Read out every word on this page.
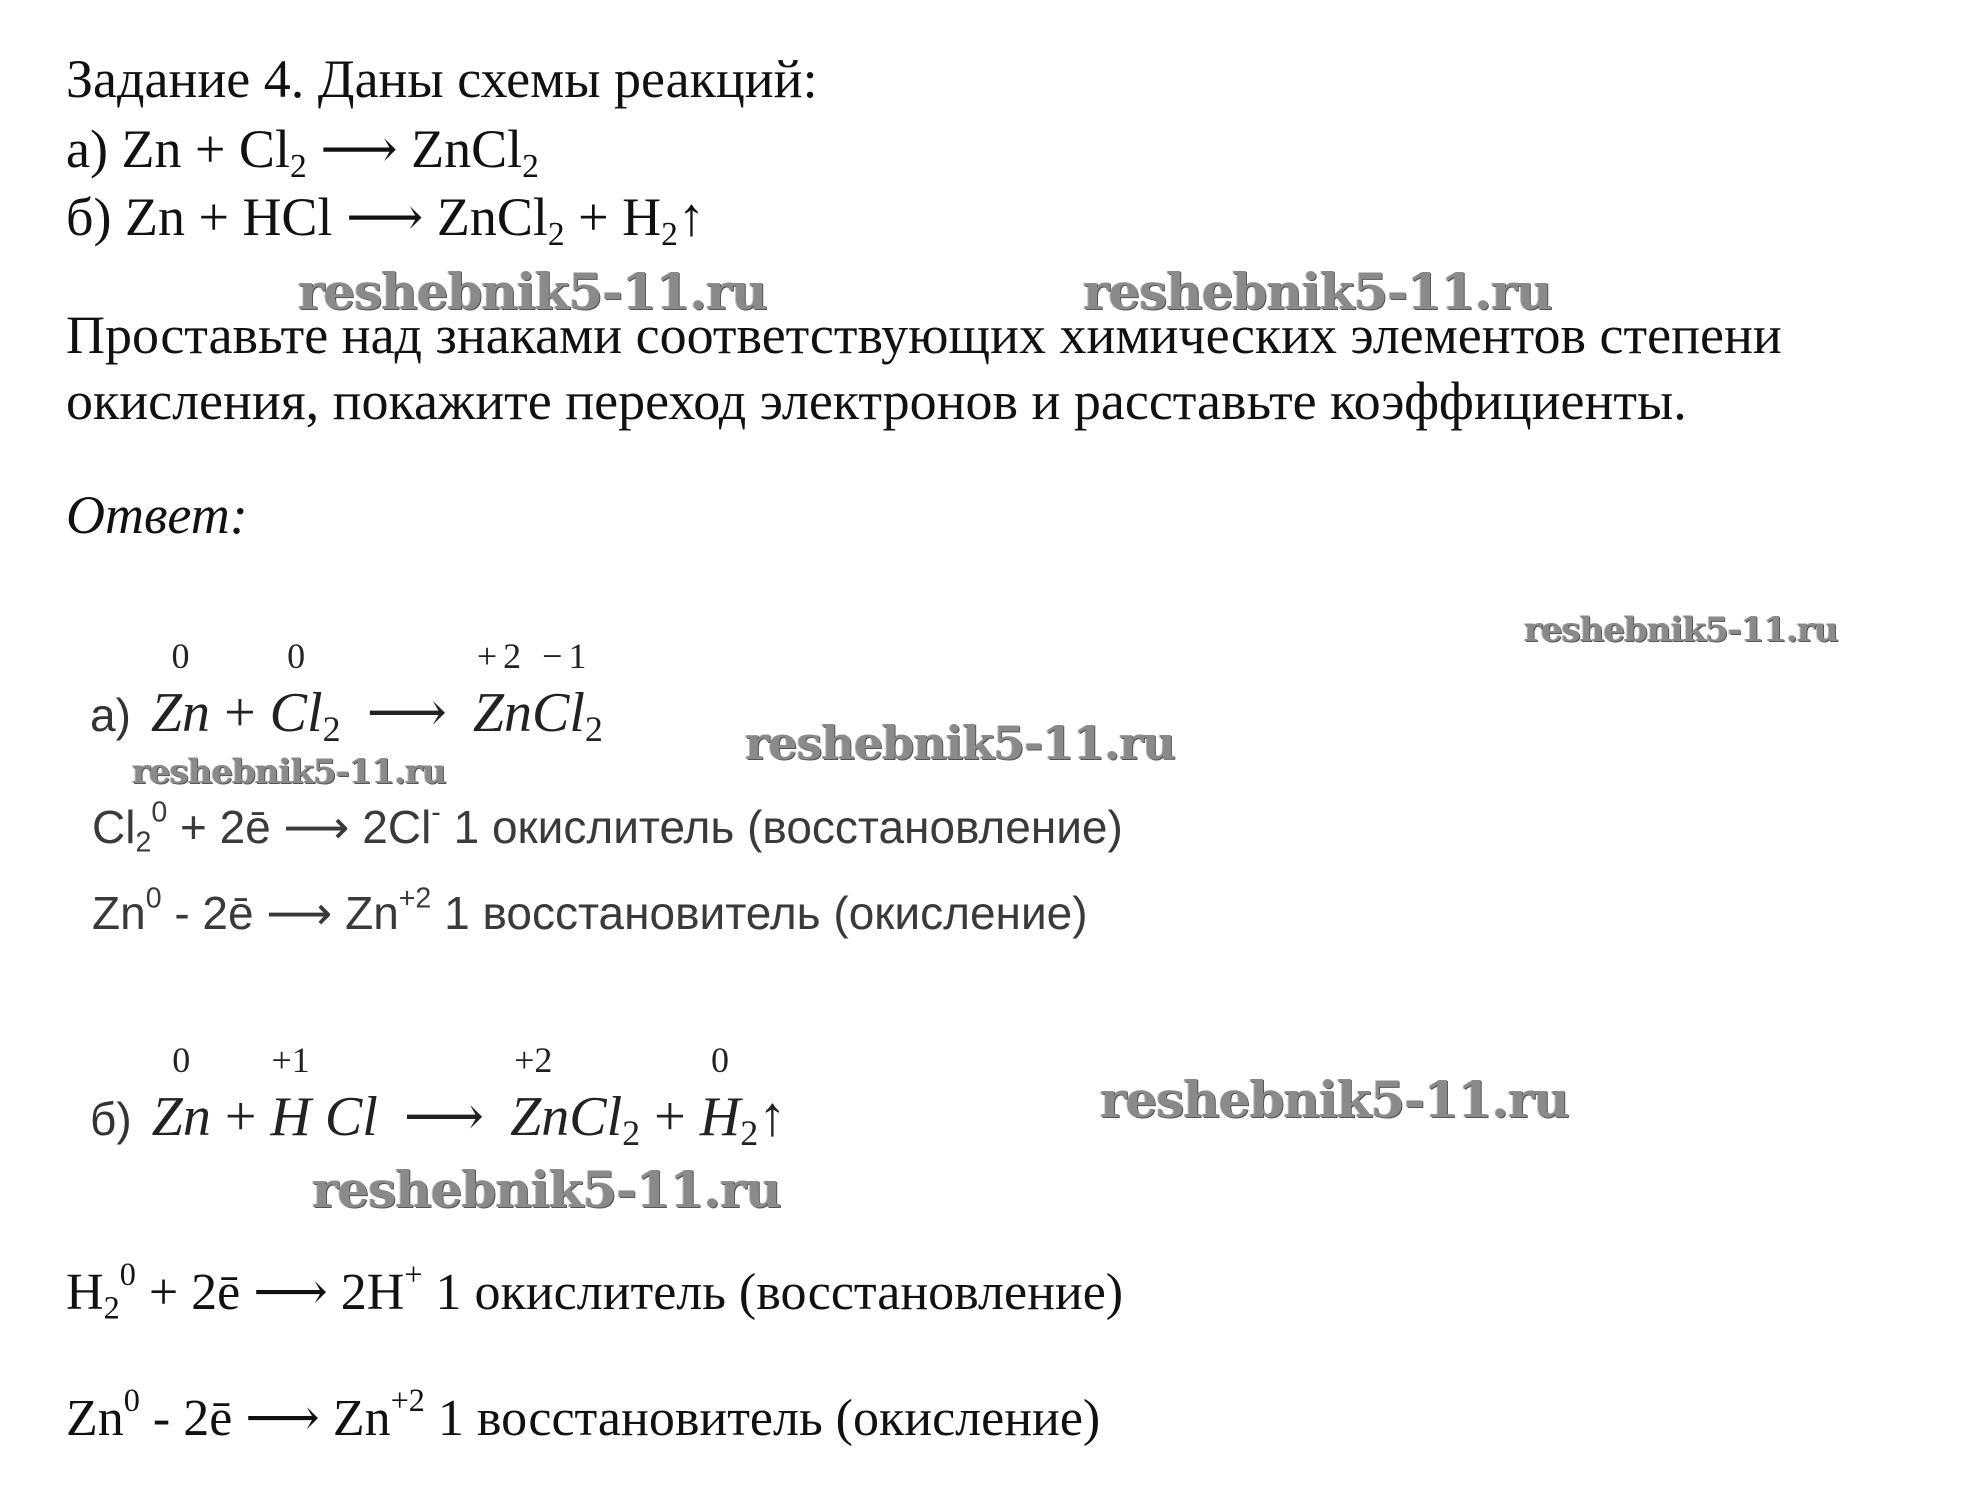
Задание 4. Даны схемы реакций:
а) $Zn + Cl_2$ ⟶ ZnCl$_2$
б) Zn + HCl ⟶ ZnCl$_2$ + $H_2↑$
reshebnik5-11.ru	reshebnik5-11.ru
Проставьте над знаками соответствующих химических элементов степени
окисления, покажите переход электронов и расставьте коэффициенты.
Ответ:
reshebnik5-11.ru
а)
0
Zn +
0
Cl2 ⟶
+2 −1
ZnCl2	reshebnik5-11.ru
reshebnik5-11.ru
$Cl_2^0$ + 2ē ⟶ 2Cl- 1 окислитель (восстановление)
Zn$^0$ - 2ē ⟶ $Zn^{+2}$ 1 восстановитель (окисление)
б)
0
Zn +
+1
H Cl ⟶
+2
ZnCl2 +
0
H2↑	reshebnik5-11.ru
reshebnik5-11.ru
$H_2^0$ + 2ē ⟶ 2H+ 1 окислитель (восстановление)
Zn$^0$ - 2ē ⟶ $Zn^{+2}$ 1 восстановитель (окисление)
